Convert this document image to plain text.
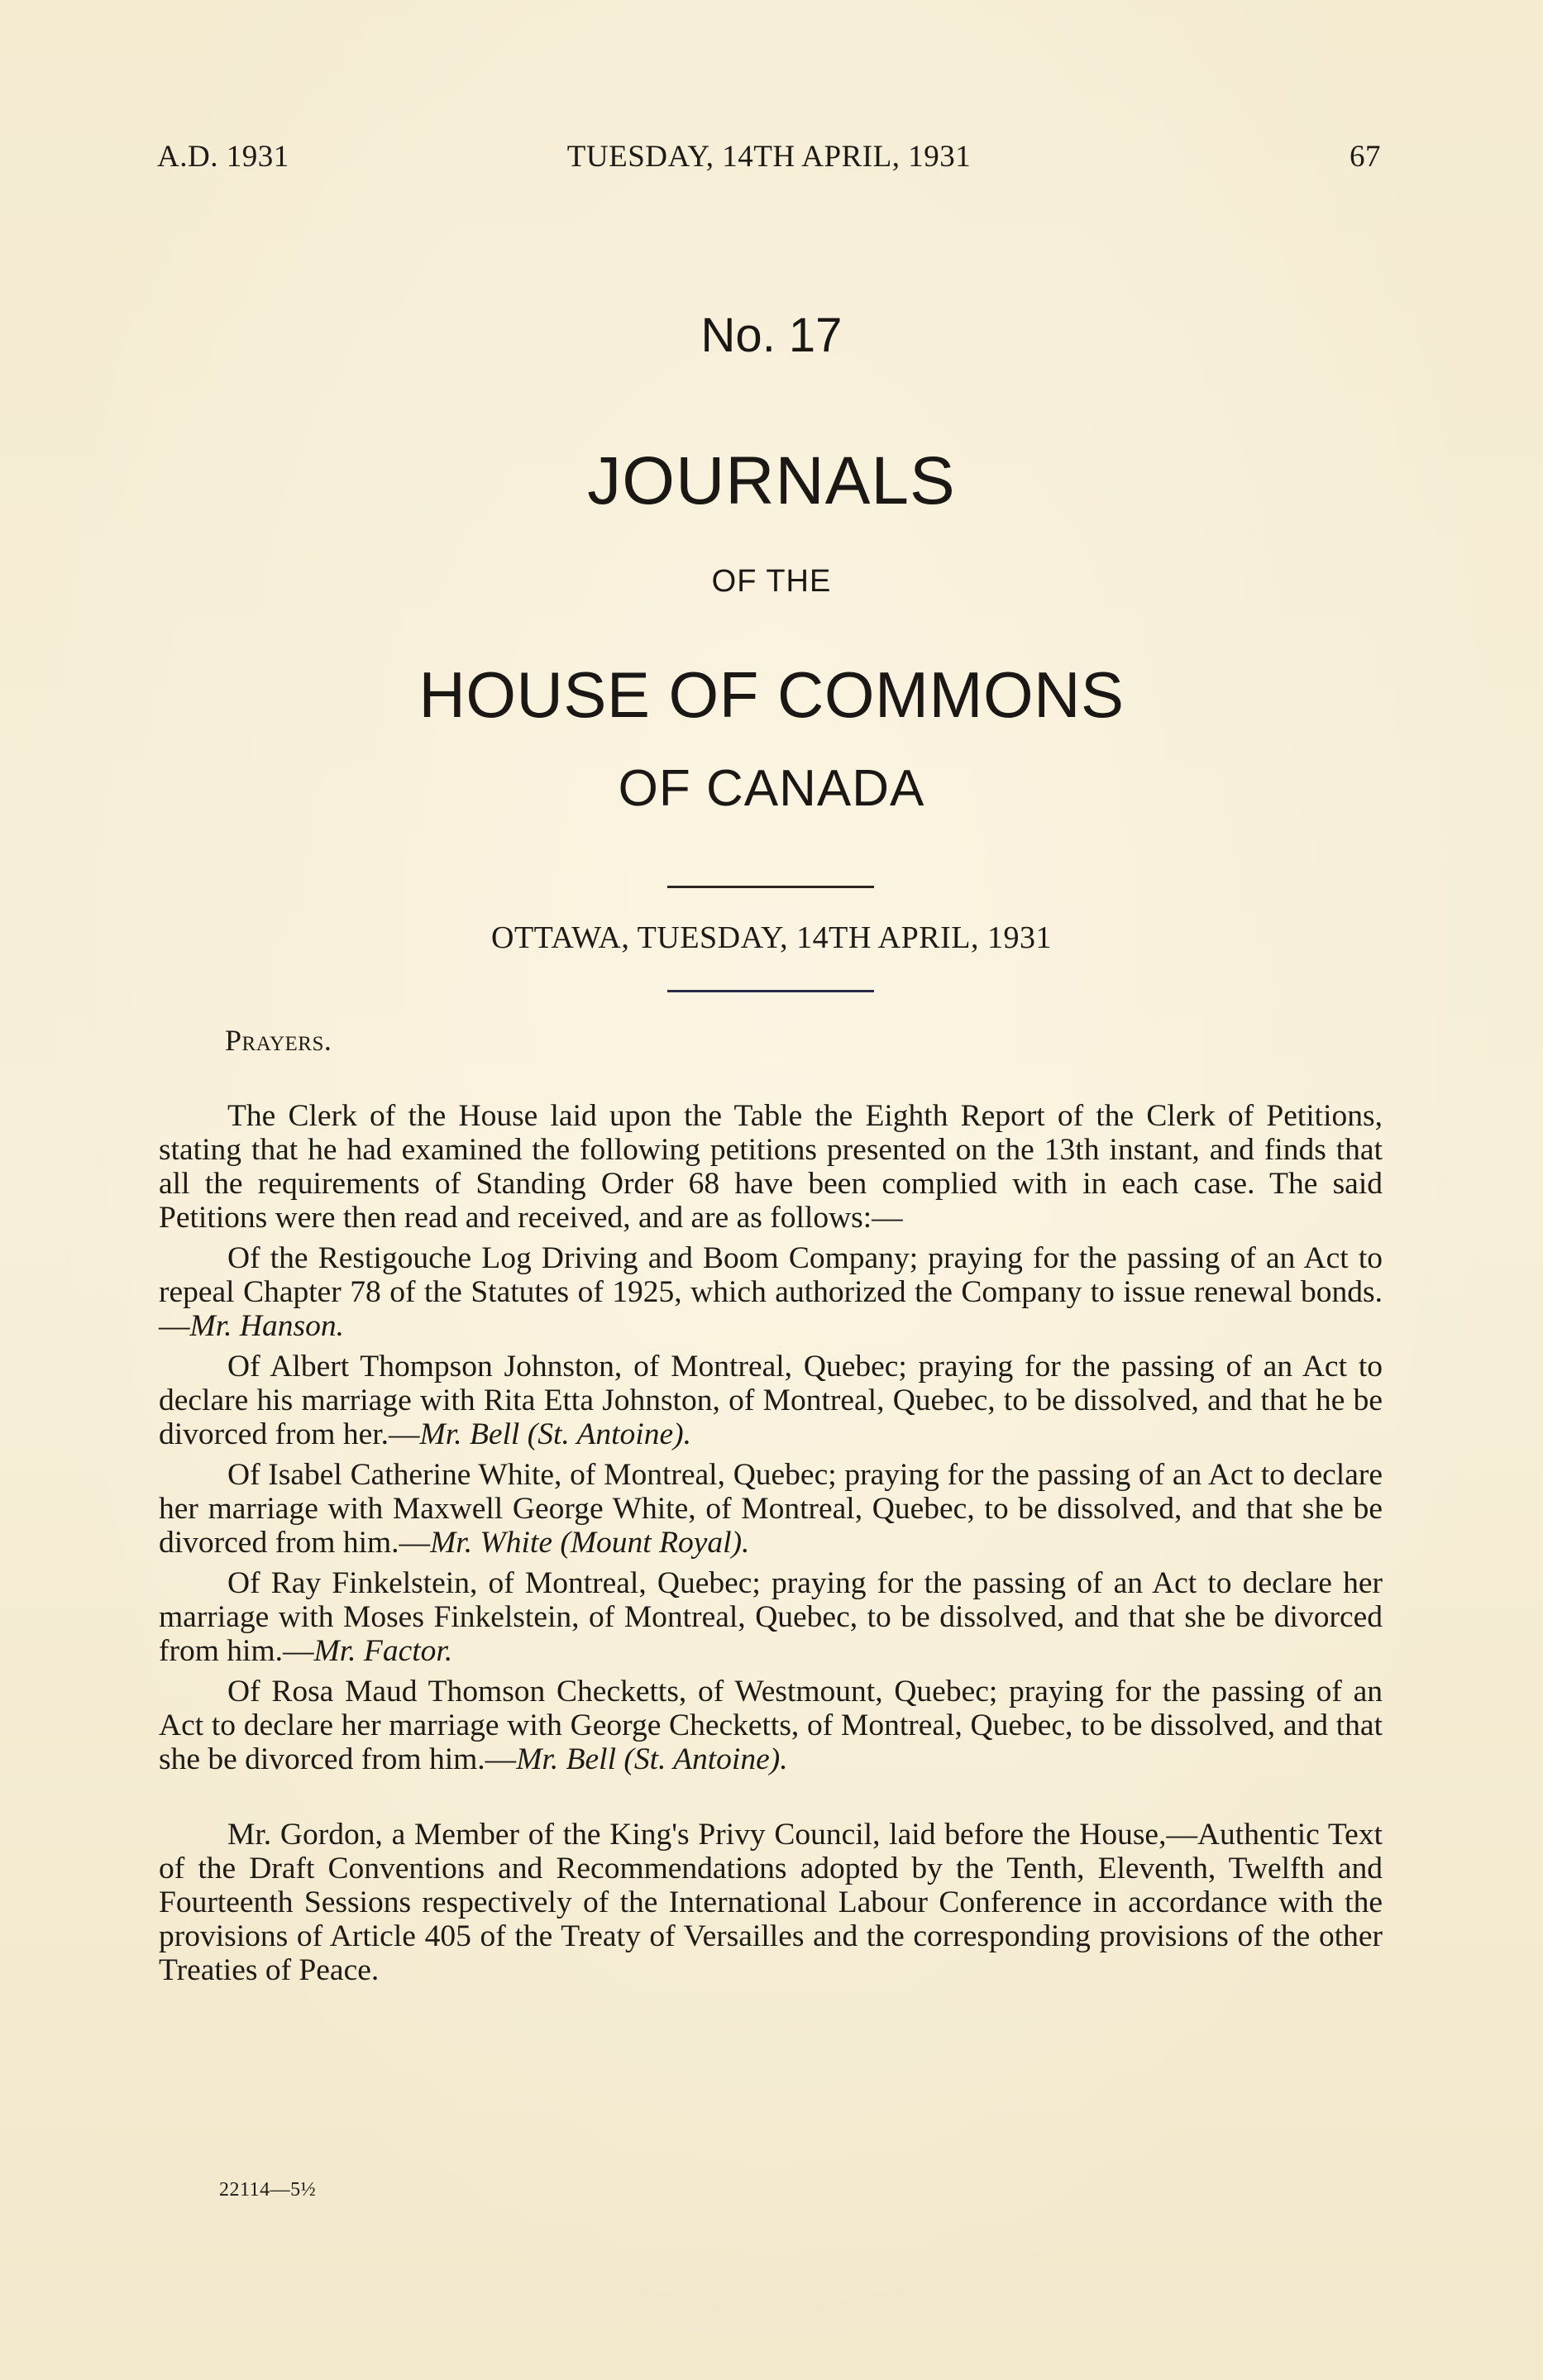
A.D. 1931	TUESDAY, 14TH APRIL, 1931	67
No. 17
JOURNALS
OF THE
HOUSE OF COMMONS
OF CANADA
OTTAWA, TUESDAY, 14TH APRIL, 1931
Prayers.

The Clerk of the House laid upon the Table the Eighth Report of the Clerk of Petitions, stating that he had examined the following petitions presented on the 13th instant, and finds that all the requirements of Standing Order 68 have been complied with in each case. The said Petitions were then read and received, and are as follows:—

Of the Restigouche Log Driving and Boom Company; praying for the passing of an Act to repeal Chapter 78 of the Statutes of 1925, which authorized the Company to issue renewal bonds.—Mr. Hanson.

Of Albert Thompson Johnston, of Montreal, Quebec; praying for the passing of an Act to declare his marriage with Rita Etta Johnston, of Montreal, Quebec, to be dissolved, and that he be divorced from her.—Mr. Bell (St. Antoine).

Of Isabel Catherine White, of Montreal, Quebec; praying for the passing of an Act to declare her marriage with Maxwell George White, of Montreal, Quebec, to be dissolved, and that she be divorced from him.—Mr. White (Mount Royal).

Of Ray Finkelstein, of Montreal, Quebec; praying for the passing of an Act to declare her marriage with Moses Finkelstein, of Montreal, Quebec, to be dissolved, and that she be divorced from him.—Mr. Factor.

Of Rosa Maud Thomson Checketts, of Westmount, Quebec; praying for the passing of an Act to declare her marriage with George Checketts, of Montreal, Quebec, to be dissolved, and that she be divorced from him.—Mr. Bell (St. Antoine).

Mr. Gordon, a Member of the King's Privy Council, laid before the House,—Authentic Text of the Draft Conventions and Recommendations adopted by the Tenth, Eleventh, Twelfth and Fourteenth Sessions respectively of the International Labour Conference in accordance with the provisions of Article 405 of the Treaty of Versailles and the corresponding provisions of the other Treaties of Peace.

22114—5½
